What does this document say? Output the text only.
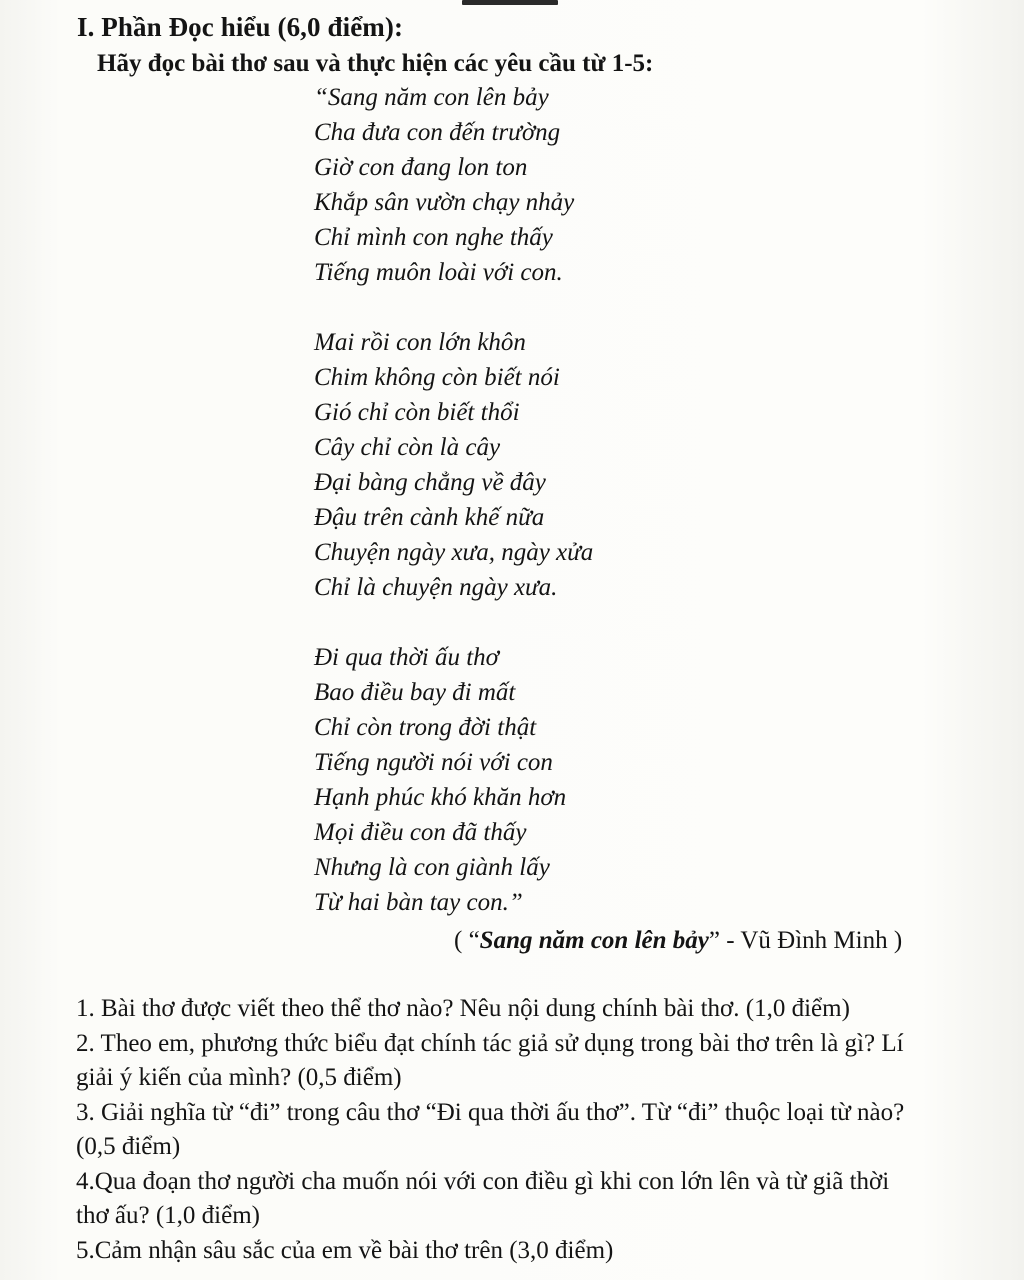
I. Phần Đọc hiểu (6,0 điểm):
Hãy đọc bài thơ sau và thực hiện các yêu cầu từ 1-5:
“Sang năm con lên bảy
Cha đưa con đến trường
Giờ con đang lon ton
Khắp sân vườn chạy nhảy
Chỉ mình con nghe thấy
Tiếng muôn loài với con.
Mai rồi con lớn khôn
Chim không còn biết nói
Gió chỉ còn biết thổi
Cây chỉ còn là cây
Đại bàng chẳng về đây
Đậu trên cành khế nữa
Chuyện ngày xưa, ngày xửa
Chỉ là chuyện ngày xưa.
Đi qua thời ấu thơ
Bao điều bay đi mất
Chỉ còn trong đời thật
Tiếng người nói với con
Hạnh phúc khó khăn hơn
Mọi điều con đã thấy
Nhưng là con giành lấy
Từ hai bàn tay con.”
( “Sang năm con lên bảy” - Vũ Đình Minh )
1. Bài thơ được viết theo thể thơ nào? Nêu nội dung chính bài thơ. (1,0 điểm)
2. Theo em, phương thức biểu đạt chính tác giả sử dụng trong bài thơ trên là gì? Lí
giải ý kiến của mình? (0,5 điểm)
3. Giải nghĩa từ “đi” trong câu thơ “Đi qua thời ấu thơ”. Từ “đi” thuộc loại từ nào?
(0,5 điểm)
4.Qua đoạn thơ người cha muốn nói với con điều gì khi con lớn lên và từ giã thời
thơ ấu? (1,0 điểm)
5.Cảm nhận sâu sắc của em về bài thơ trên (3,0 điểm)
